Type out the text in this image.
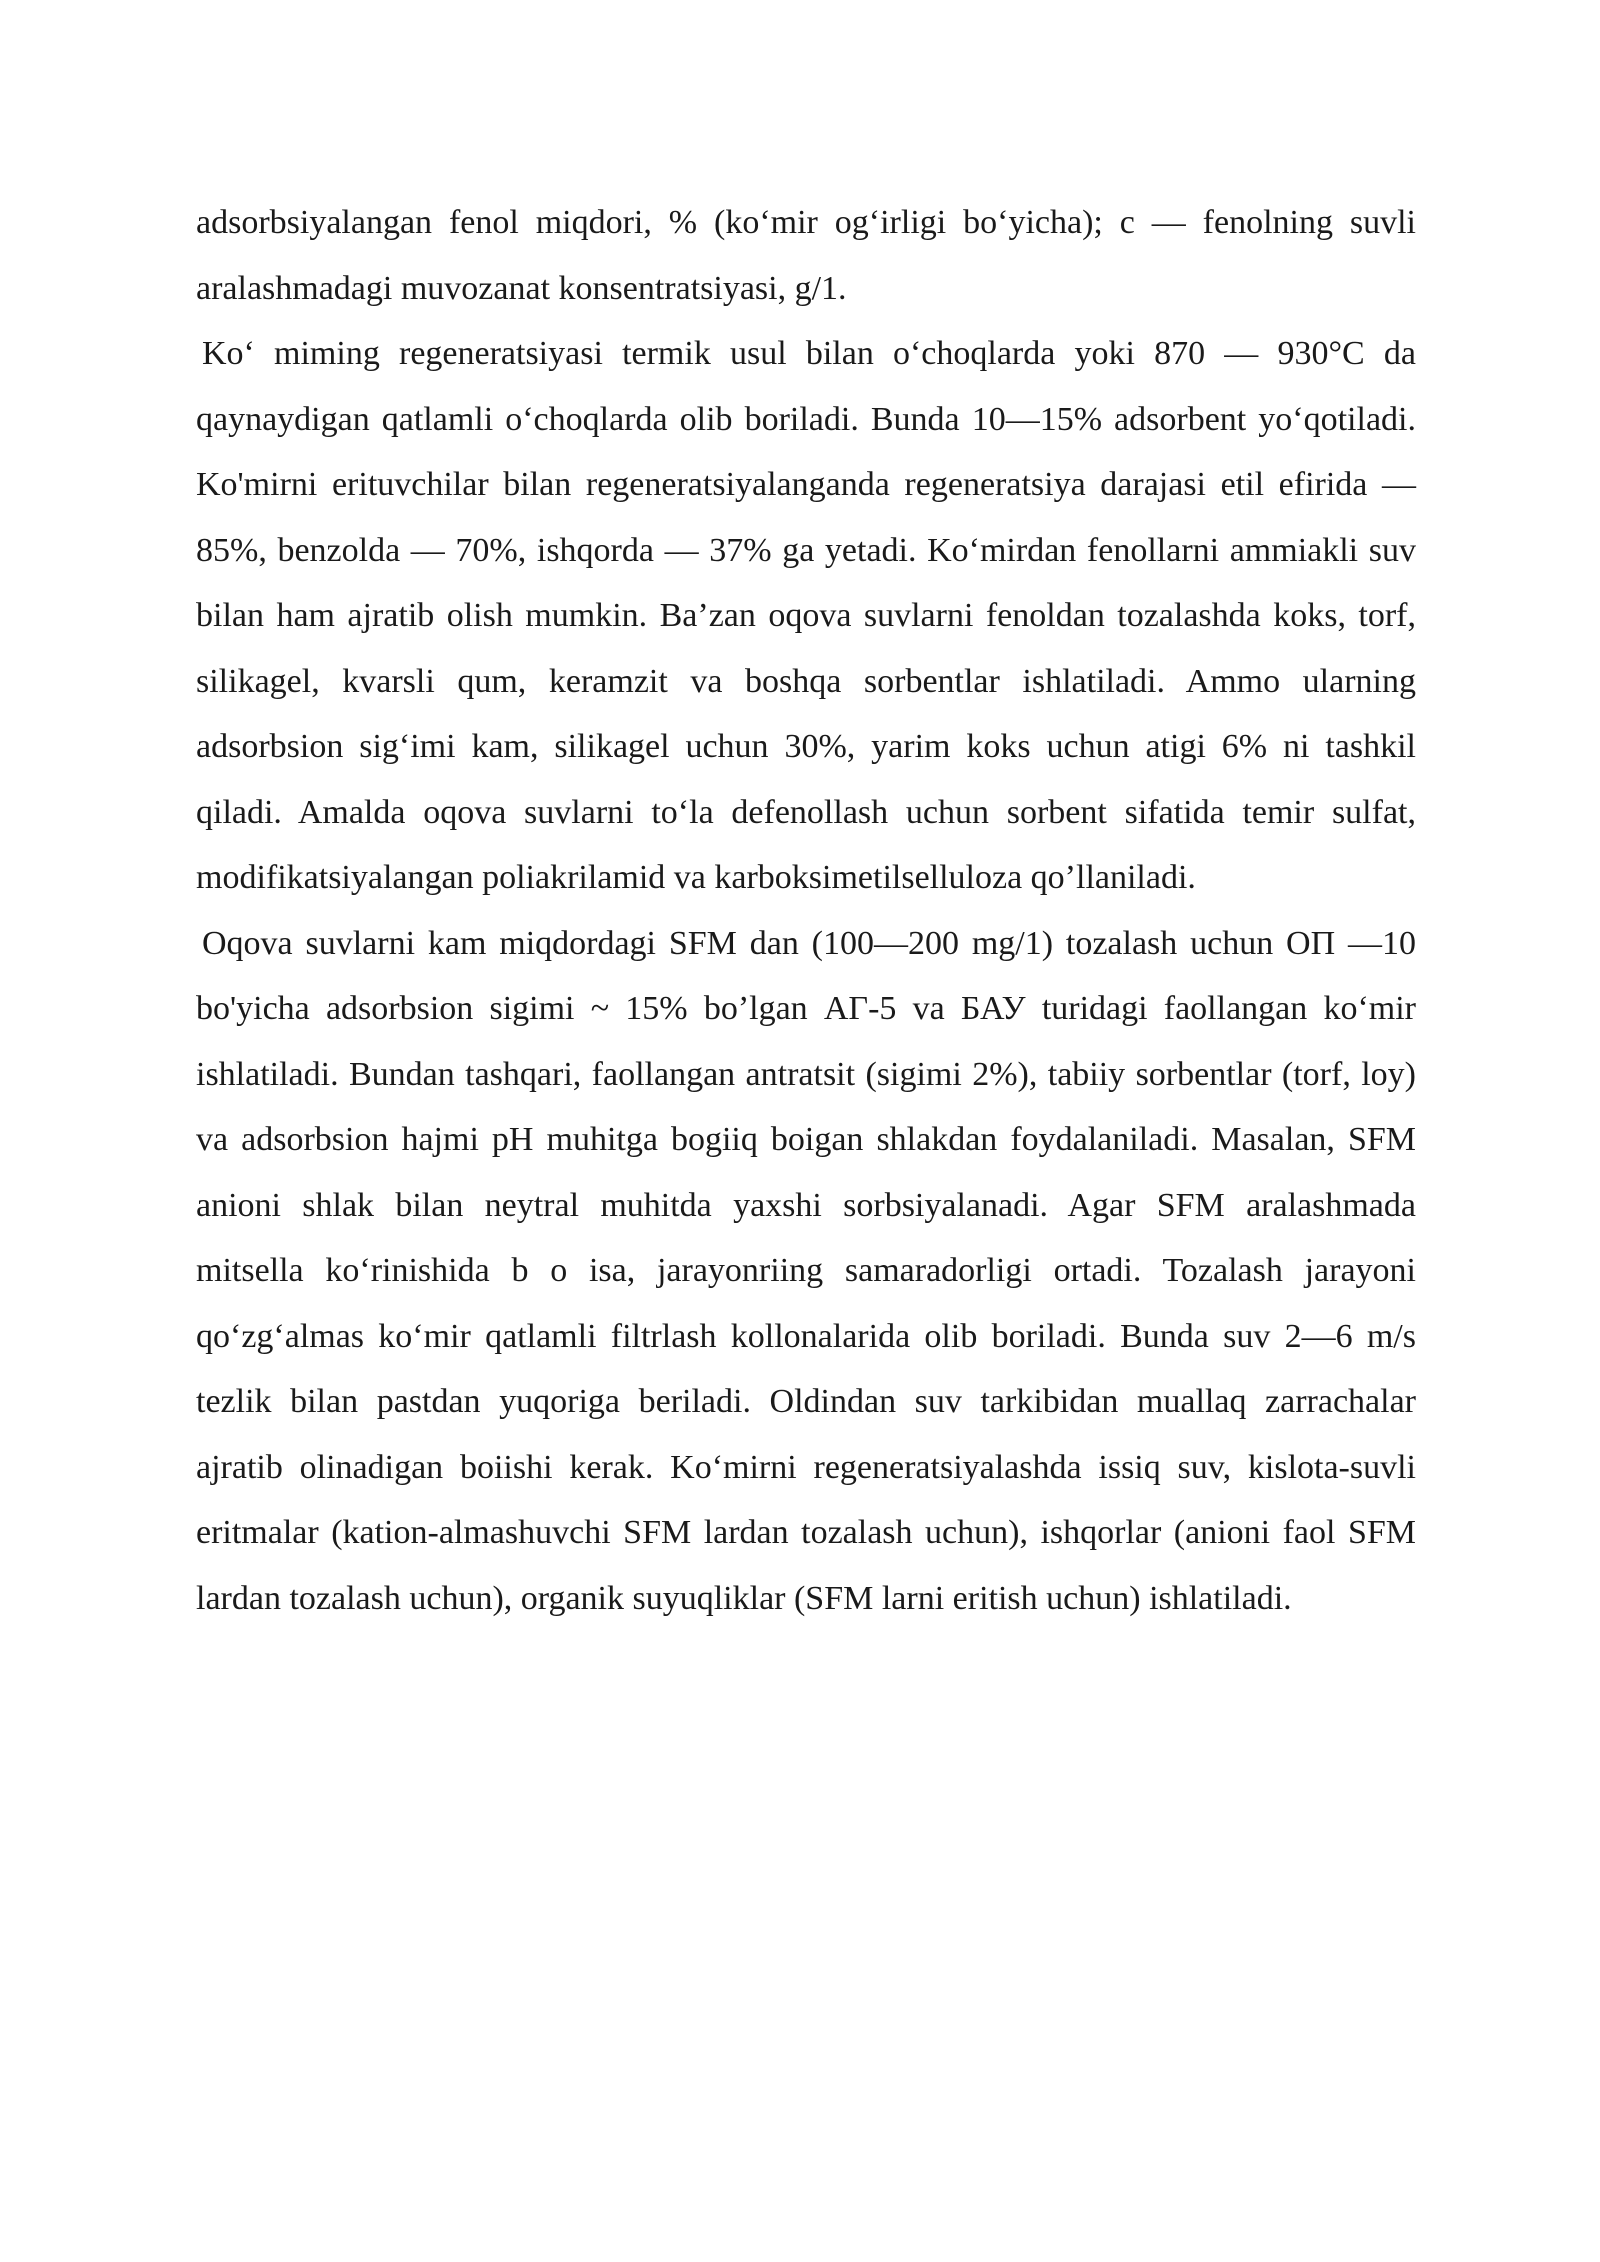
adsorbsiyalangan fenol miqdori, % (ko‘mir og‘irligi bo‘yicha); c — fenolning suvli aralashmadagi muvozanat konsentratsiyasi, g/1.

Ko‘ miming regeneratsiyasi termik usul bilan o‘choqlarda yoki 870 — 930°C da qaynaydigan qatlamli o‘choqlarda olib boriladi. Bunda 10—15% adsorbent yo‘qotiladi. Ko'mirni erituvchilar bilan regeneratsiyalanganda regeneratsiya darajasi etil efirida — 85%, benzolda — 70%, ishqorda — 37% ga yetadi. Ko‘mirdan fenollarni ammiakli suv bilan ham ajratib olish mumkin. Ba’zan oqova suvlarni fenoldan tozalashda koks, torf, silikagel, kvarsli qum, keramzit va boshqa sorbentlar ishlatiladi. Ammo ularning adsorbsion sig‘imi kam, silikagel uchun 30%, yarim koks uchun atigi 6% ni tashkil qiladi. Amalda oqova suvlarni to‘la defenollash uchun sorbent sifatida temir sulfat, modifikatsiyalangan poliakrilamid va karboksimetilselluloza qo’llaniladi.

Oqova suvlarni kam miqdordagi SFM dan (100—200 mg/1) tozalash uchun ОП —10 bo'yicha adsorbsion sigimi ~ 15% bo’lgan АГ-5 va БАУ turidagi faollangan ko‘mir ishlatiladi. Bundan tashqari, faollangan antratsit (sigimi 2%), tabiiy sorbentlar (torf, loy) va adsorbsion hajmi pH muhitga bogiiq boigan shlakdan foydalaniladi. Masalan, SFM anioni shlak bilan neytral muhitda yaxshi sorbsiyalanadi. Agar SFM aralashmada mitsella ko‘rinishida b o isa, jarayonriing samaradorligi ortadi. Tozalash jarayoni qo‘zg‘almas ko‘mir qatlamli filtrlash kollonalarida olib boriladi. Bunda suv 2—6 m/s tezlik bilan pastdan yuqoriga beriladi. Oldindan suv tarkibidan muallaq zarrachalar ajratib olinadigan boiishi kerak. Ko‘mirni regeneratsiyalashda issiq suv, kislota-suvli eritmalar (kation-almashuvchi SFM lardan tozalash uchun), ishqorlar (anioni faol SFM lardan tozalash uchun), organik suyuqliklar (SFM larni eritish uchun) ishlatiladi.
